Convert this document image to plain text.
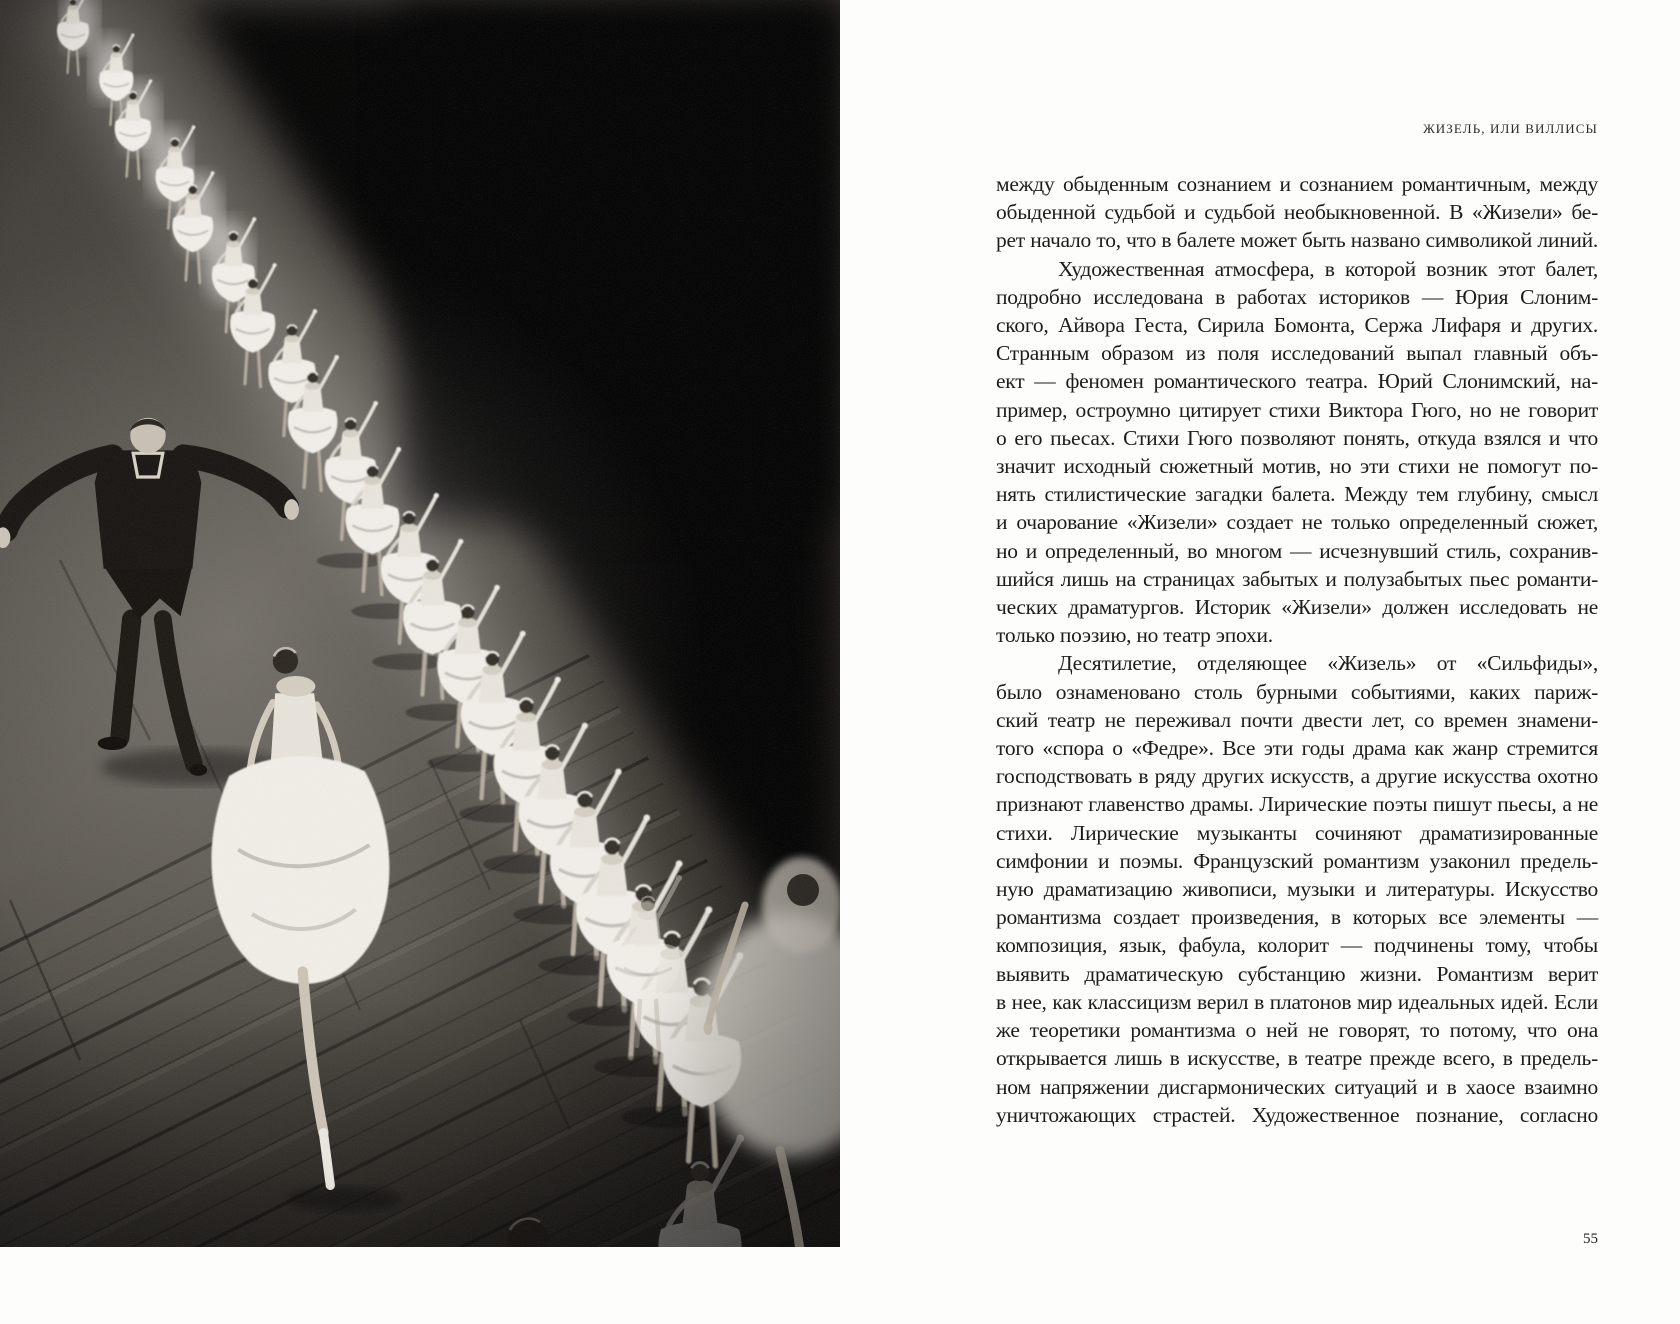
ЖИЗЕЛЬ, ИЛИ ВИЛЛИСЫ
между обыденным сознанием и сознанием романтичным, между
обыденной судьбой и судьбой необыкновенной. В «Жизели» бе-
рет начало то, что в балете может быть названо символикой линий.
Художественная атмосфера, в которой возник этот балет,
подробно исследована в работах историков — Юрия Слоним-
ского, Айвора Геста, Сирила Бомонта, Сержа Лифаря и других.
Странным образом из поля исследований выпал главный объ-
ект — феномен романтического театра. Юрий Слонимский, на-
пример, остроумно цитирует стихи Виктора Гюго, но не говорит
о его пьесах. Стихи Гюго позволяют понять, откуда взялся и что
значит исходный сюжетный мотив, но эти стихи не помогут по-
нять стилистические загадки балета. Между тем глубину, смысл
и очарование «Жизели» создает не только определенный сюжет,
но и определенный, во многом — исчезнувший стиль, сохранив-
шийся лишь на страницах забытых и полузабытых пьес романти-
ческих драматургов. Историк «Жизели» должен исследовать не
только поэзию, но театр эпохи.
Десятилетие, отделяющее «Жизель» от «Сильфиды»,
было ознаменовано столь бурными событиями, каких париж-
ский театр не переживал почти двести лет, со времен знамени-
того «спора о «Федре». Все эти годы драма как жанр стремится
господствовать в ряду других искусств, а другие искусства охотно
признают главенство драмы. Лирические поэты пишут пьесы, а не
стихи. Лирические музыканты сочиняют драматизированные
симфонии и поэмы. Французский романтизм узаконил предель-
ную драматизацию живописи, музыки и литературы. Искусство
романтизма создает произведения, в которых все элементы —
композиция, язык, фабула, колорит — подчинены тому, чтобы
выявить драматическую субстанцию жизни. Романтизм верит
в нее, как классицизм верил в платонов мир идеальных идей. Если
же теоретики романтизма о ней не говорят, то потому, что она
открывается лишь в искусстве, в театре прежде всего, в предель-
ном напряжении дисгармонических ситуаций и в хаосе взаимно
уничтожающих страстей. Художественное познание, согласно
55
